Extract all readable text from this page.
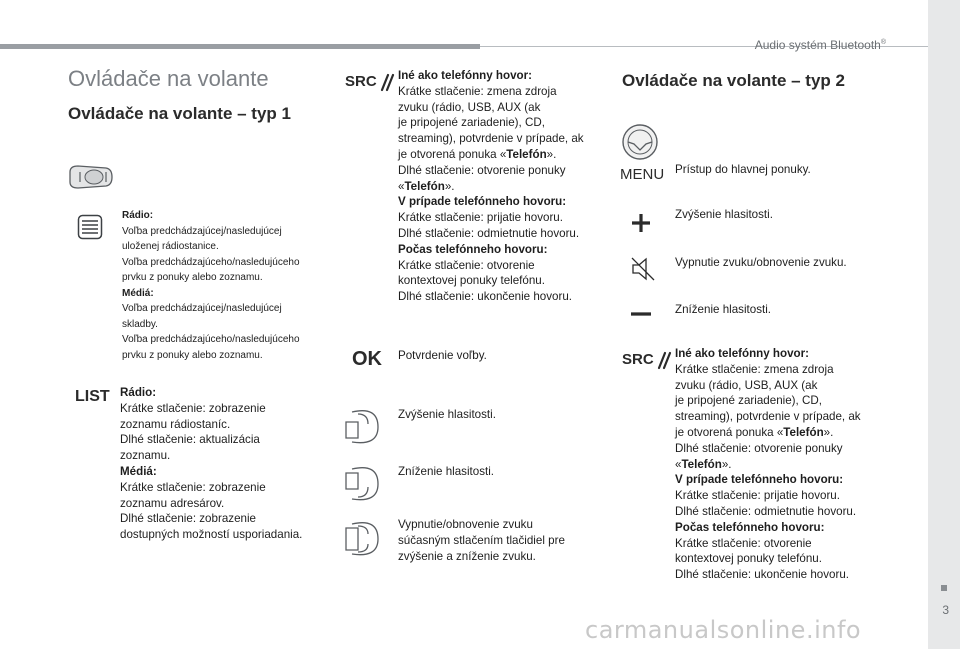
Audio systém Bluetooth®
3
Ovládače na volante
Ovládače na volante – typ 1

Rádio:

Voľba predchádzajúcej/nasledujúcej

uloženej rádiostanice.

Voľba predchádzajúceho/nasledujúceho

prvku z ponuky alebo zoznamu.

Médiá:

Voľba predchádzajúcej/nasledujúcej

skladby.

Voľba predchádzajúceho/nasledujúceho

prvku z ponuky alebo zoznamu.

LIST Rádio:

Krátke stlačenie: zobrazenie

zoznamu rádiostaníc.

Dlhé stlačenie: aktualizácia

zoznamu.

Médiá:

Krátke stlačenie: zobrazenie

zoznamu adresárov.

Dlhé stlačenie: zobrazenie

dostupných možností usporiadania.

SRC Iné ako telefónny hovor:

Krátke stlačenie: zmena zdroja

zvuku (rádio, USB, AUX (ak

je pripojené zariadenie), CD,

streaming), potvrdenie v prípade, ak

je otvorená ponuka «Telefón».

Dlhé stlačenie: otvorenie ponuky

«Telefón».

V prípade telefónneho hovoru:

Krátke stlačenie: prijatie hovoru.

Dlhé stlačenie: odmietnutie hovoru.

Počas telefónneho hovoru:

Krátke stlačenie: otvorenie

kontextovej ponuky telefónu.

Dlhé stlačenie: ukončenie hovoru.

OK Potvrdenie voľby.
Zvýšenie hlasitosti.
Zníženie hlasitosti.

Vypnutie/obnovenie zvuku

súčasným stlačením tlačidiel pre

zvýšenie a zníženie zvuku.

Ovládače na volante – typ 2
MENU Prístup do hlavnej ponuky.
Zvýšenie hlasitosti.
Vypnutie zvuku/obnovenie zvuku.
Zníženie hlasitosti.
SRC Iné ako telefónny hovor:

Krátke stlačenie: zmena zdroja

zvuku (rádio, USB, AUX (ak

je pripojené zariadenie), CD,

streaming), potvrdenie v prípade, ak

je otvorená ponuka «Telefón».

Dlhé stlačenie: otvorenie ponuky

«Telefón».

V prípade telefónneho hovoru:

Krátke stlačenie: prijatie hovoru.

Dlhé stlačenie: odmietnutie hovoru.

Počas telefónneho hovoru:

Krátke stlačenie: otvorenie

kontextovej ponuky telefónu.

Dlhé stlačenie: ukončenie hovoru.

carmanualsonline.info
